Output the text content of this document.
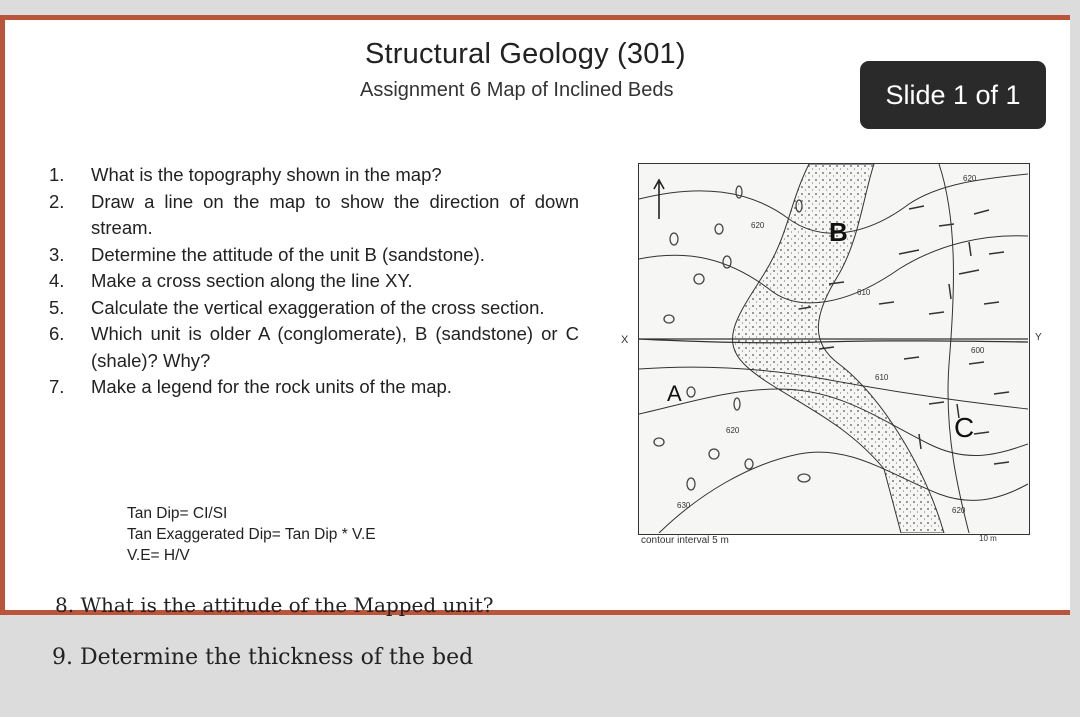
Structural Geology (301)
Assignment 6 Map of Inclined Beds
1.	What is the topography shown in the map?
2.	Draw a line on the map to show the direction of down stream.
3.	Determine the attitude of the unit B (sandstone).
4.	Make a cross section along the line XY.
5.	Calculate the vertical exaggeration of the cross section.
6.	Which unit is older A (conglomerate), B (sandstone) or C (shale)? Why?
7.	Make a legend for the rock units of the map.
Tan Dip= CI/SI
Tan Exaggerated Dip= Tan Dip * V.E
V.E= H/V
620
620
610
610
600
620
630
620
X	Y
A
B
C
contour interval 5 m	10 m
Slide 1 of 1
8. What is the attitude of the Mapped unit?
9. Determine the thickness of the bed
